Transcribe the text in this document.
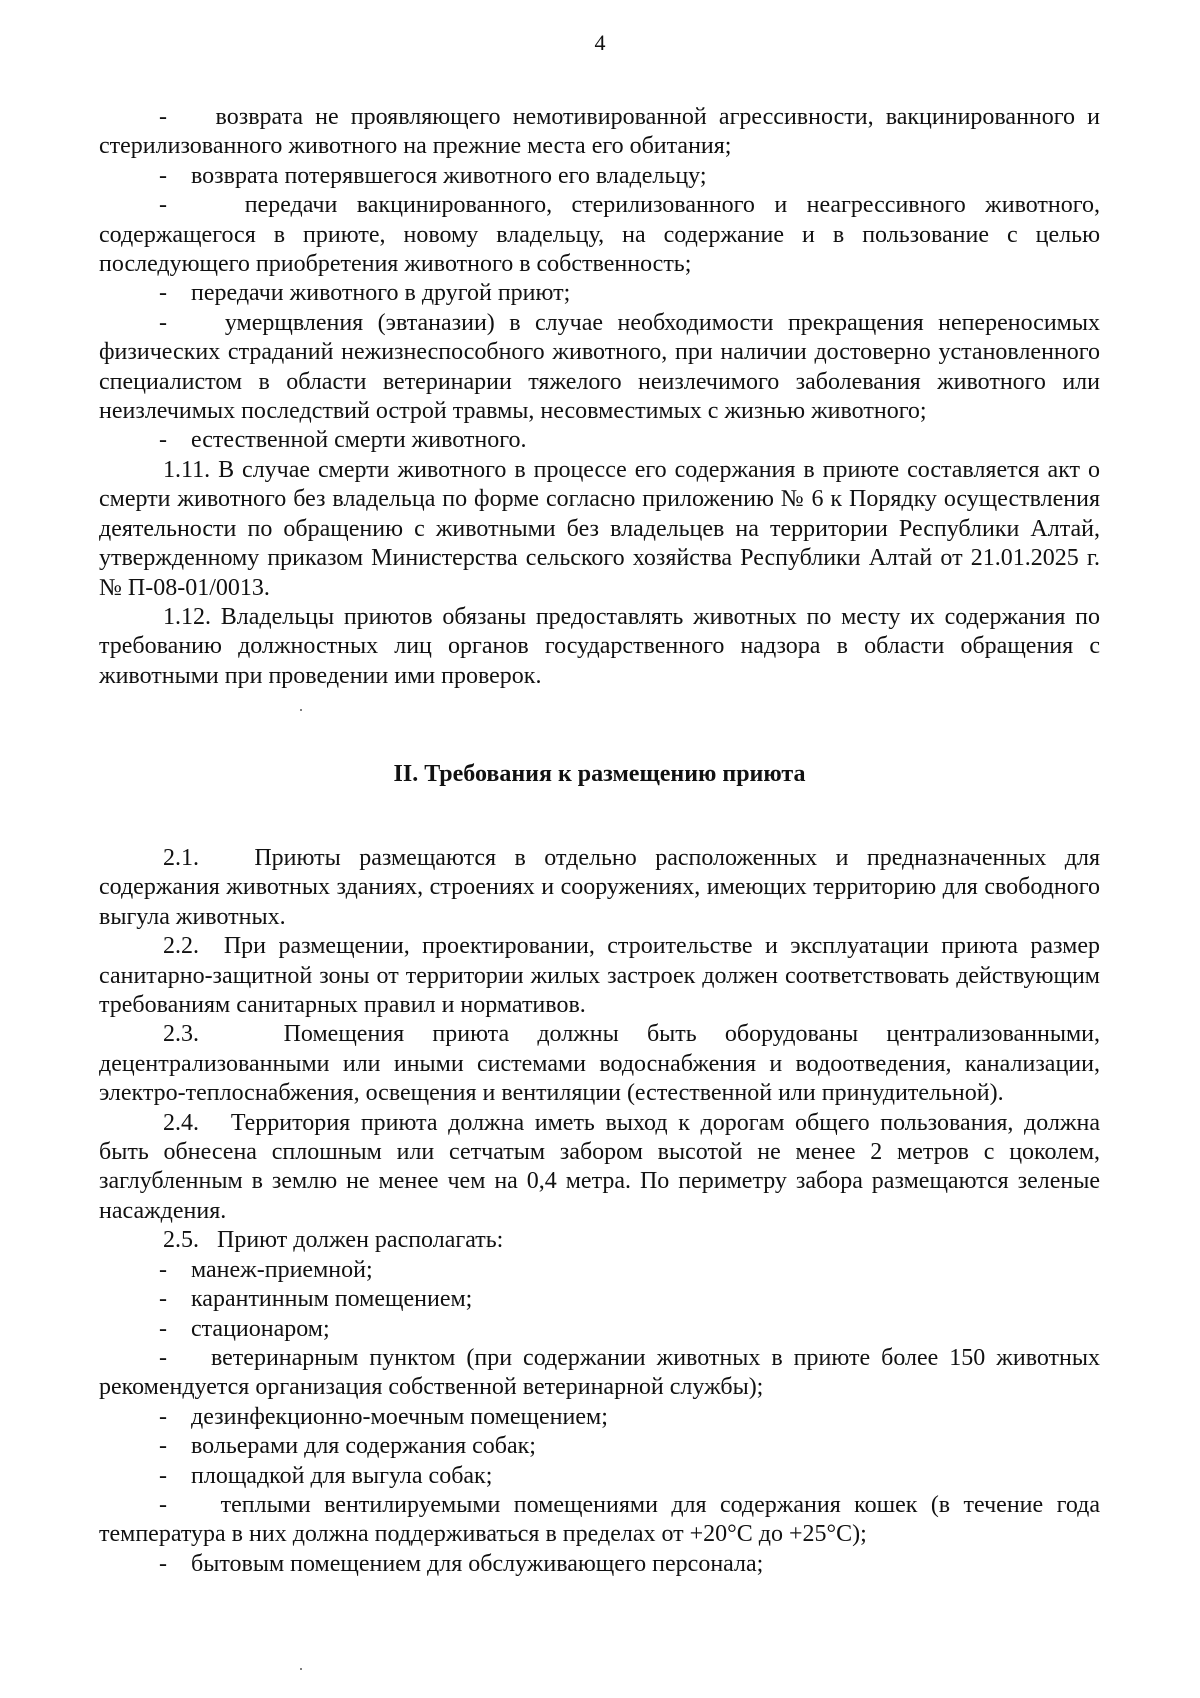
4

-    возврата не проявляющего немотивированной агрессивности, вакцинированного и стерилизованного животного на прежние места его обитания;

-    возврата потерявшегося животного его владельцу;

-    передачи вакцинированного, стерилизованного и неагрессивного животного, содержащегося в приюте, новому владельцу, на содержание и в пользование с целью последующего приобретения животного в собственность;

-    передачи животного в другой приют;

-    умерщвления (эвтаназии) в случае необходимости прекращения непереносимых физических страданий нежизнеспособного животного, при наличии достоверно установленного специалистом в области ветеринарии тяжелого неизлечимого заболевания животного или неизлечимых последствий острой травмы, несовместимых с жизнью животного;

-    естественной смерти животного.

1.11. В случае смерти животного в процессе его содержания в приюте составляется акт о смерти животного без владельца по форме согласно приложению № 6 к Порядку осуществления деятельности по обращению с животными без владельцев на территории Республики Алтай, утвержденному приказом Министерства сельского хозяйства Республики Алтай от 21.01.2025 г. № П-08-01/0013.

1.12. Владельцы приютов обязаны предоставлять животных по месту их содержания по требованию должностных лиц органов государственного надзора в области обращения с животными при проведении ими проверок.

II. Требования к размещению приюта

2.1.   Приюты размещаются в отдельно расположенных и предназначенных для содержания животных зданиях, строениях и сооружениях, имеющих территорию для свободного выгула животных.

2.2.  При размещении, проектировании, строительстве и эксплуатации приюта размер санитарно-защитной зоны от территории жилых застроек должен соответствовать действующим требованиям санитарных правил и нормативов.

2.3.   Помещения приюта должны быть оборудованы централизованными, децентрализованными или иными системами водоснабжения и водоотведения, канализации, электро-теплоснабжения, освещения и вентиляции (естественной или принудительной).

2.4.   Территория приюта должна иметь выход к дорогам общего пользования, должна быть обнесена сплошным или сетчатым забором высотой не менее 2 метров с цоколем, заглубленным в землю не менее чем на 0,4 метра. По периметру забора размещаются зеленые насаждения.

2.5.   Приют должен располагать:

-    манеж-приемной;

-    карантинным помещением;

-    стационаром;

-    ветеринарным пунктом (при содержании животных в приюте более 150 животных рекомендуется организация собственной ветеринарной службы);

-    дезинфекционно-моечным помещением;

-    вольерами для содержания собак;

-    площадкой для выгула собак;

-    теплыми вентилируемыми помещениями для содержания кошек (в течение года температура в них должна поддерживаться в пределах от +20°С до +25°С);

-    бытовым помещением для обслуживающего персонала;
